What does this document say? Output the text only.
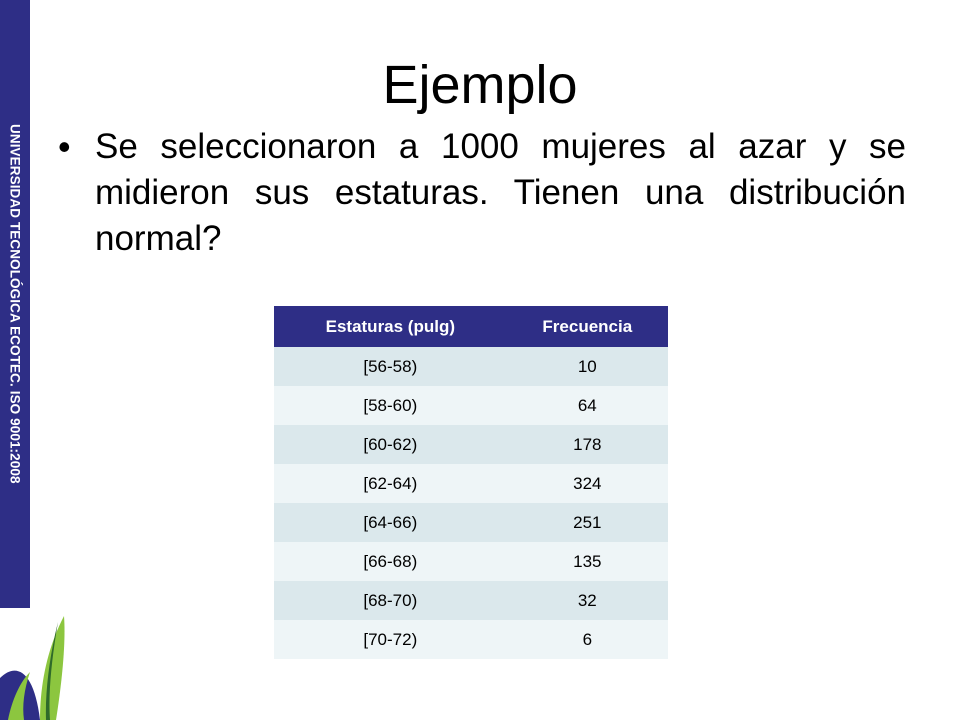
UNIVERSIDAD TECNOLÓGICA ECOTEC. ISO 9001:2008
Ejemplo
• Se seleccionaron a 1000 mujeres al azar y se midieron sus estaturas. Tienen una distribución normal?

Estaturas (pulg)	Frecuencia
[56-58)	10
[58-60)	64
[60-62)	178
[62-64)	324
[64-66)	251
[66-68)	135
[68-70)	32
[70-72)	6
